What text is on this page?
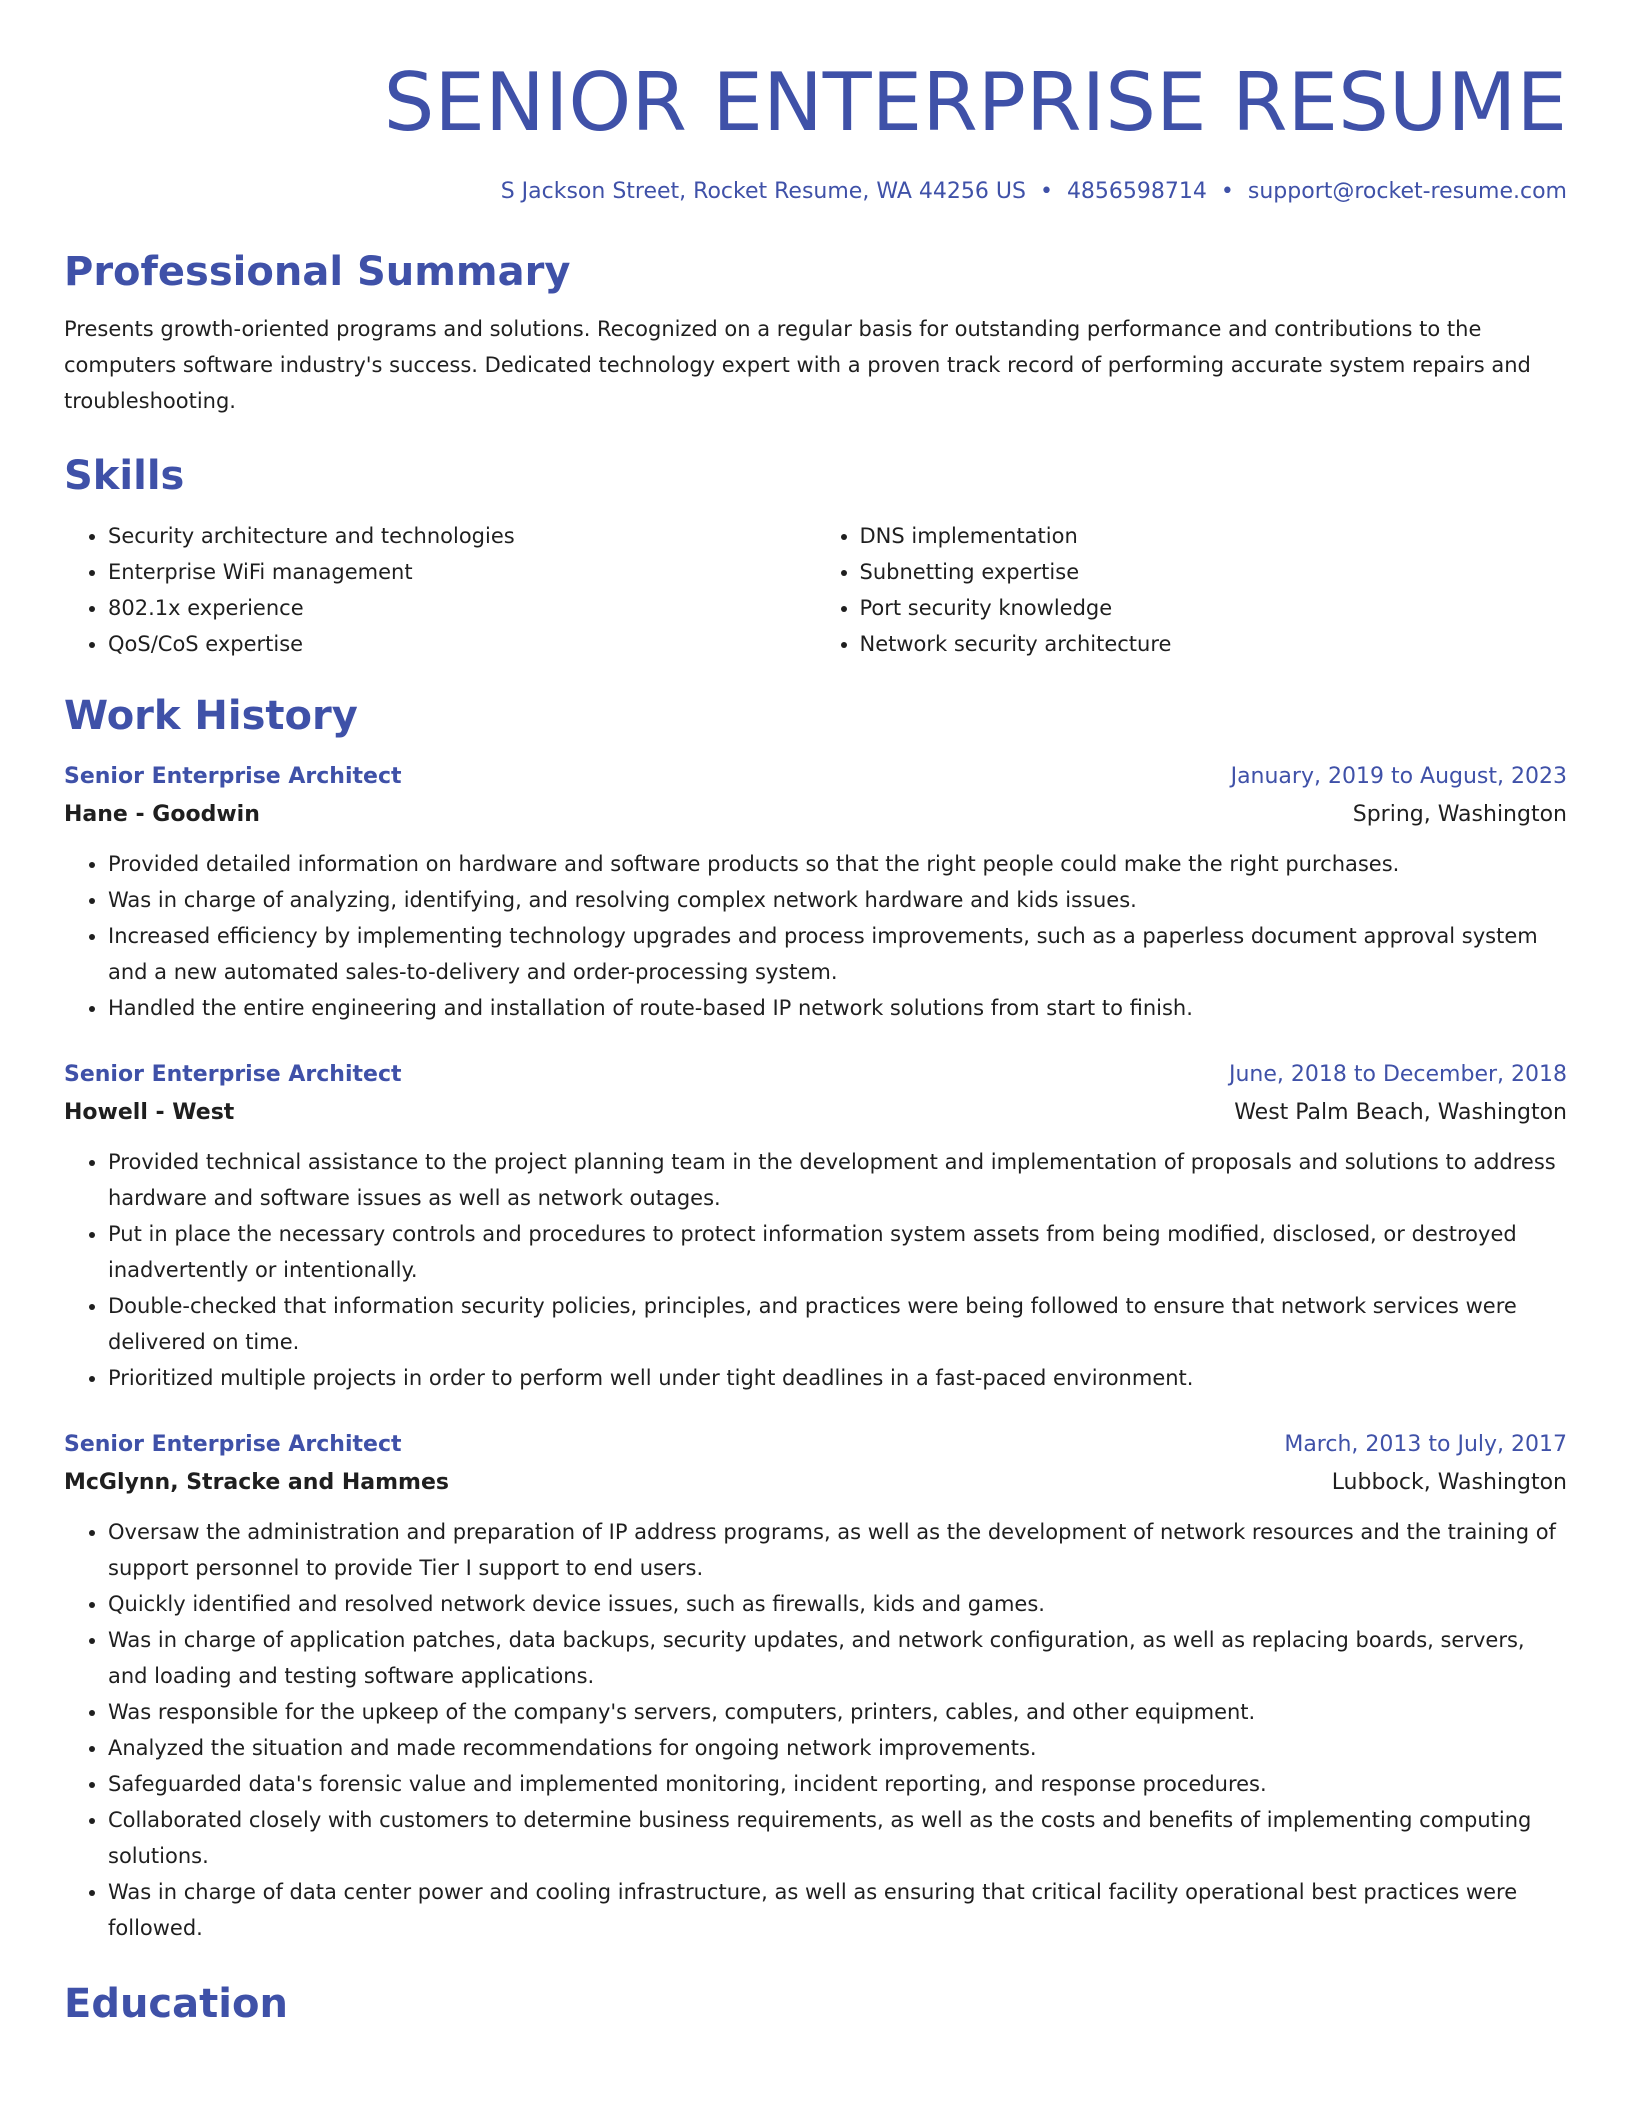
SENIOR ENTERPRISE RESUME
S Jackson Street, Rocket Resume, WA 44256 US • 4856598714 • support@rocket-resume.com
Professional Summary
Presents growth-oriented programs and solutions. Recognized on a regular basis for outstanding performance and contributions to the computers software industry's success. Dedicated technology expert with a proven track record of performing accurate system repairs and troubleshooting.
Skills
• Security architecture and technologies
• Enterprise WiFi management
• 802.1x experience
• QoS/CoS expertise
• DNS implementation
• Subnetting expertise
• Port security knowledge
• Network security architecture
Work History
Senior Enterprise Architect	January, 2019 to August, 2023
Hane - Goodwin	Spring, Washington
• Provided detailed information on hardware and software products so that the right people could make the right purchases.
• Was in charge of analyzing, identifying, and resolving complex network hardware and kids issues.
• Increased efficiency by implementing technology upgrades and process improvements, such as a paperless document approval system and a new automated sales-to-delivery and order-processing system.
• Handled the entire engineering and installation of route-based IP network solutions from start to finish.
Senior Enterprise Architect	June, 2018 to December, 2018
Howell - West	West Palm Beach, Washington
• Provided technical assistance to the project planning team in the development and implementation of proposals and solutions to address hardware and software issues as well as network outages.
• Put in place the necessary controls and procedures to protect information system assets from being modified, disclosed, or destroyed inadvertently or intentionally.
• Double-checked that information security policies, principles, and practices were being followed to ensure that network services were delivered on time.
• Prioritized multiple projects in order to perform well under tight deadlines in a fast-paced environment.
Senior Enterprise Architect	March, 2013 to July, 2017
McGlynn, Stracke and Hammes	Lubbock, Washington
• Oversaw the administration and preparation of IP address programs, as well as the development of network resources and the training of support personnel to provide Tier I support to end users.
• Quickly identified and resolved network device issues, such as firewalls, kids and games.
• Was in charge of application patches, data backups, security updates, and network configuration, as well as replacing boards, servers, and loading and testing software applications.
• Was responsible for the upkeep of the company's servers, computers, printers, cables, and other equipment.
• Analyzed the situation and made recommendations for ongoing network improvements.
• Safeguarded data's forensic value and implemented monitoring, incident reporting, and response procedures.
• Collaborated closely with customers to determine business requirements, as well as the costs and benefits of implementing computing solutions.
• Was in charge of data center power and cooling infrastructure, as well as ensuring that critical facility operational best practices were followed.
Education
